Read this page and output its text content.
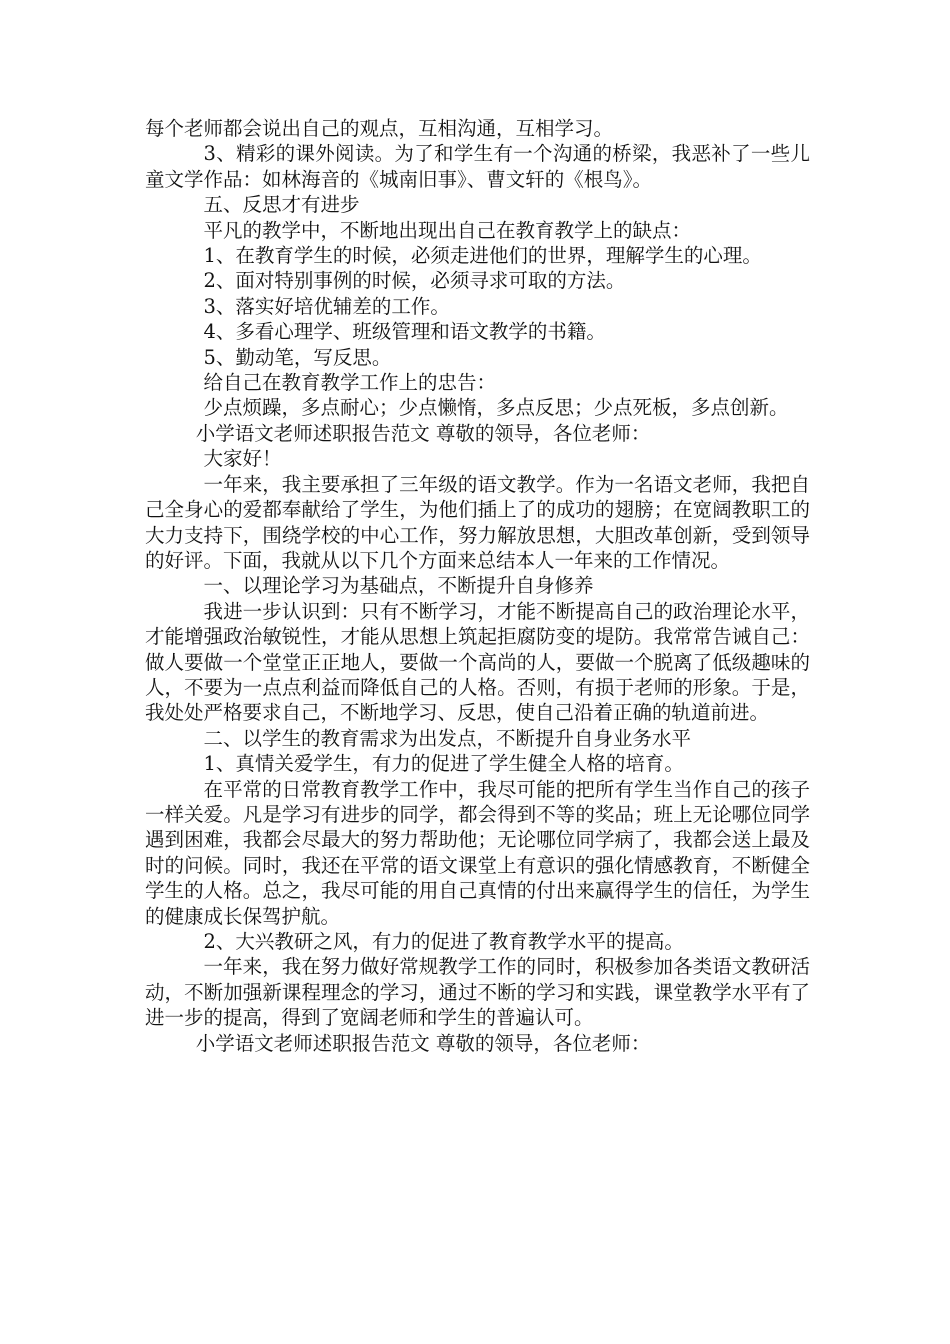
每个老师都会说出自己的观点，互相沟通，互相学习。

3、精彩的课外阅读。为了和学生有一个沟通的桥梁，我恶补了一些儿童文学作品：如林海音的《城南旧事》、曹文轩的《根鸟》。

五、反思才有进步

平凡的教学中，不断地出现出自己在教育教学上的缺点：

1、在教育学生的时候，必须走进他们的世界，理解学生的心理。

2、面对特别事例的时候，必须寻求可取的方法。

3、落实好培优辅差的工作。

4、多看心理学、班级管理和语文教学的书籍。

5、勤动笔，写反思。

给自己在教育教学工作上的忠告：

少点烦躁，多点耐心；少点懒惰，多点反思；少点死板，多点创新。

小学语文老师述职报告范文 尊敬的领导，各位老师：

大家好！

一年来，我主要承担了三年级的语文教学。作为一名语文老师，我把自己全身心的爱都奉献给了学生，为他们插上了的成功的翅膀；在宽阔教职工的大力支持下，围绕学校的中心工作，努力解放思想，大胆改革创新，受到领导的好评。下面，我就从以下几个方面来总结本人一年来的工作情况。

一、以理论学习为基础点，不断提升自身修养

我进一步认识到：只有不断学习，才能不断提高自己的政治理论水平，才能增强政治敏锐性，才能从思想上筑起拒腐防变的堤防。我常常告诫自己：做人要做一个堂堂正正地人，要做一个高尚的人，要做一个脱离了低级趣味的人，不要为一点点利益而降低自己的人格。否则，有损于老师的形象。于是，我处处严格要求自己，不断地学习、反思，使自己沿着正确的轨道前进。

二、以学生的教育需求为出发点，不断提升自身业务水平

1、真情关爱学生，有力的促进了学生健全人格的培育。

在平常的日常教育教学工作中，我尽可能的把所有学生当作自己的孩子一样关爱。凡是学习有进步的同学，都会得到不等的奖品；班上无论哪位同学遇到困难，我都会尽最大的努力帮助他；无论哪位同学病了，我都会送上最及时的问候。同时，我还在平常的语文课堂上有意识的强化情感教育，不断健全学生的人格。总之，我尽可能的用自己真情的付出来赢得学生的信任，为学生的健康成长保驾护航。

2、大兴教研之风，有力的促进了教育教学水平的提高。

一年来，我在努力做好常规教学工作的同时，积极参加各类语文教研活动，不断加强新课程理念的学习，通过不断的学习和实践，课堂教学水平有了进一步的提高，得到了宽阔老师和学生的普遍认可。

小学语文老师述职报告范文 尊敬的领导，各位老师：
